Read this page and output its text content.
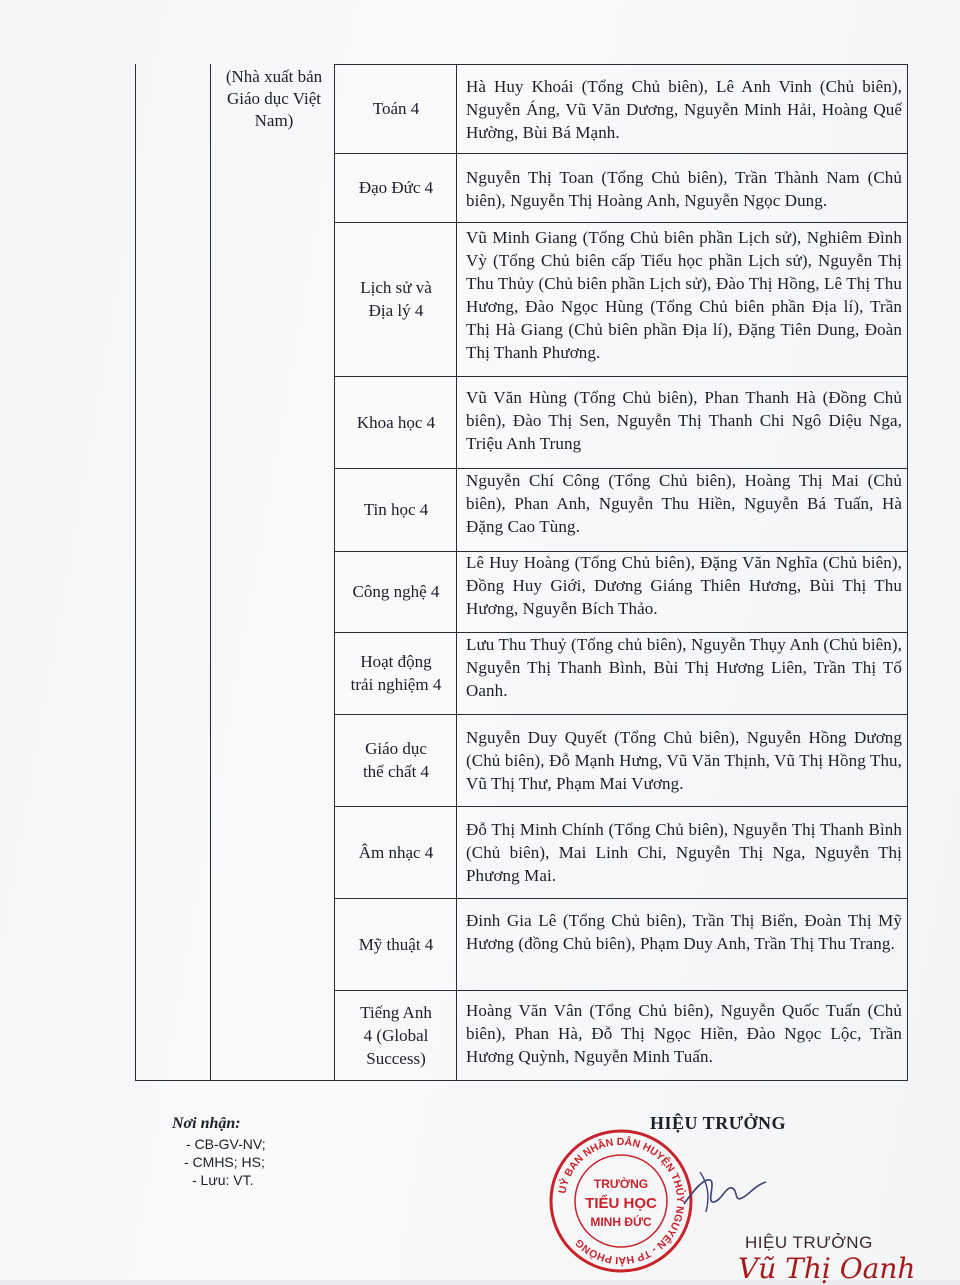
(Nhà xuất bản Giáo dục Việt Nam)
Toán 4
Hà Huy Khoái (Tổng Chủ biên), Lê Anh Vinh (Chủ biên), Nguyễn Áng, Vũ Văn Dương, Nguyễn Minh Hải, Hoàng Quế Hường, Bùi Bá Mạnh.
Đạo Đức 4
Nguyễn Thị Toan (Tổng Chủ biên), Trần Thành Nam (Chủ biên), Nguyễn Thị Hoàng Anh, Nguyễn Ngọc Dung.
Lịch sử và Địa lý 4
Vũ Minh Giang (Tổng Chủ biên phần Lịch sử), Nghiêm Đình Vỳ (Tổng Chủ biên cấp Tiểu học phần Lịch sử), Nguyễn Thị Thu Thủy (Chủ biên phần Lịch sử), Đào Thị Hồng, Lê Thị Thu Hương, Đào Ngọc Hùng (Tổng Chủ biên phần Địa lí), Trần Thị Hà Giang (Chủ biên phần Địa lí), Đặng Tiên Dung, Đoàn Thị Thanh Phương.
Khoa học 4
Vũ Văn Hùng (Tổng Chủ biên), Phan Thanh Hà (Đồng Chủ biên), Đào Thị Sen, Nguyễn Thị Thanh Chi Ngô Diệu Nga, Triệu Anh Trung
Tin học 4
Nguyễn Chí Công (Tổng Chủ biên), Hoàng Thị Mai (Chủ biên), Phan Anh, Nguyễn Thu Hiền, Nguyễn Bá Tuấn, Hà Đặng Cao Tùng.
Công nghệ 4
Lê Huy Hoàng (Tổng Chủ biên), Đặng Văn Nghĩa (Chủ biên), Đồng Huy Giới, Dương Giáng Thiên Hương, Bùi Thị Thu Hương, Nguyễn Bích Thảo.
Hoạt động trải nghiệm 4
Lưu Thu Thuỷ (Tổng chủ biên), Nguyễn Thụy Anh (Chủ biên), Nguyễn Thị Thanh Bình, Bùi Thị Hương Liên, Trần Thị Tố Oanh.
Giáo dục thể chất 4
Nguyễn Duy Quyết (Tổng Chủ biên), Nguyễn Hồng Dương (Chủ biên), Đỗ Mạnh Hưng, Vũ Văn Thịnh, Vũ Thị Hồng Thu, Vũ Thị Thư, Phạm Mai Vương.
Âm nhạc 4
Đỗ Thị Minh Chính (Tổng Chủ biên), Nguyễn Thị Thanh Bình (Chủ biên), Mai Linh Chi, Nguyễn Thị Nga, Nguyễn Thị Phương Mai.
Mỹ thuật 4
Đinh Gia Lê (Tổng Chủ biên), Trần Thị Biển, Đoàn Thị Mỹ Hương (đồng Chủ biên), Phạm Duy Anh, Trần Thị Thu Trang.
Tiếng Anh 4 (Global Success)
Hoàng Văn Vân (Tổng Chủ biên), Nguyễn Quốc Tuấn (Chủ biên), Phan Hà, Đỗ Thị Ngọc Hiền, Đào Ngọc Lộc, Trần Hương Quỳnh, Nguyễn Minh Tuấn.
Nơi nhận:
- CB-GV-NV;
- CMHS; HS;
- Lưu: VT.
HIỆU TRƯỞNG
UỶ BAN NHÂN DÂN HUYỆN THỦY NGUYÊN - TP HẢI PHÒNG
TRƯỜNG
TIỂU HỌC
MINH ĐỨC
HIỆU TRƯỞNG
Vũ Thị Oanh
